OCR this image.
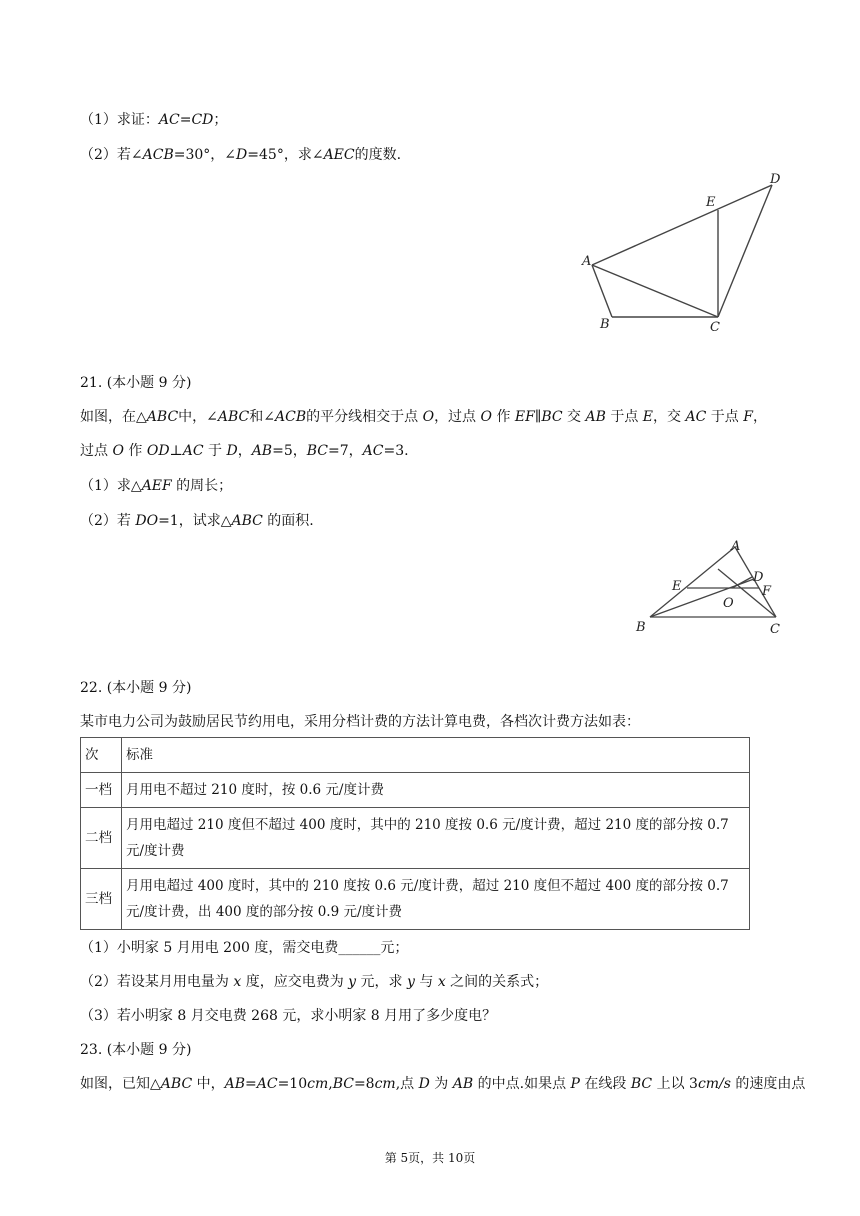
（1）求证：AC=CD；
（2）若∠ACB=30°，∠D=45°，求∠AEC的度数.
A
B	C
D
E
21. (本小题 9 分)
如图，在△ABC中，∠ABC和∠ACB的平分线相交于点 O，过点 O 作 EF∥BC 交 AB 于点 E，交 AC 于点 F，
过点 O 作 OD⊥AC 于 D，AB=5，BC=7，AC=3.
（1）求△AEF 的周长；
（2）若 DO=1，试求△ABC 的面积.
A
B	C
D
E	F
O
22. (本小题 9 分)
某市电力公司为鼓励居民节约用电，采用分档计费的方法计算电费，各档次计费方法如表：
次	标准
一档	月用电不超过 210 度时，按 0.6 元/度计费
二档	月用电超过 210 度但不超过 400 度时，其中的 210 度按 0.6 元/度计费，超过 210 度的部分按 0.7 元/度计费
三档	月用电超过 400 度时，其中的 210 度按 0.6 元/度计费，超过 210 度但不超过 400 度的部分按 0.7 元/度计费，出 400 度的部分按 0.9 元/度计费
（1）小明家 5 月用电 200 度，需交电费______元；
（2）若设某月用电量为 x 度，应交电费为 y 元，求 y 与 x 之间的关系式；
（3）若小明家 8 月交电费 268 元，求小明家 8 月用了多少度电？
23. (本小题 9 分)
如图，已知△ABC 中，AB=AC=10cm,BC=8cm,点 D 为 AB 的中点.如果点 P 在线段 BC 上以 3cm/s 的速度由点
第 5页，共 10页
